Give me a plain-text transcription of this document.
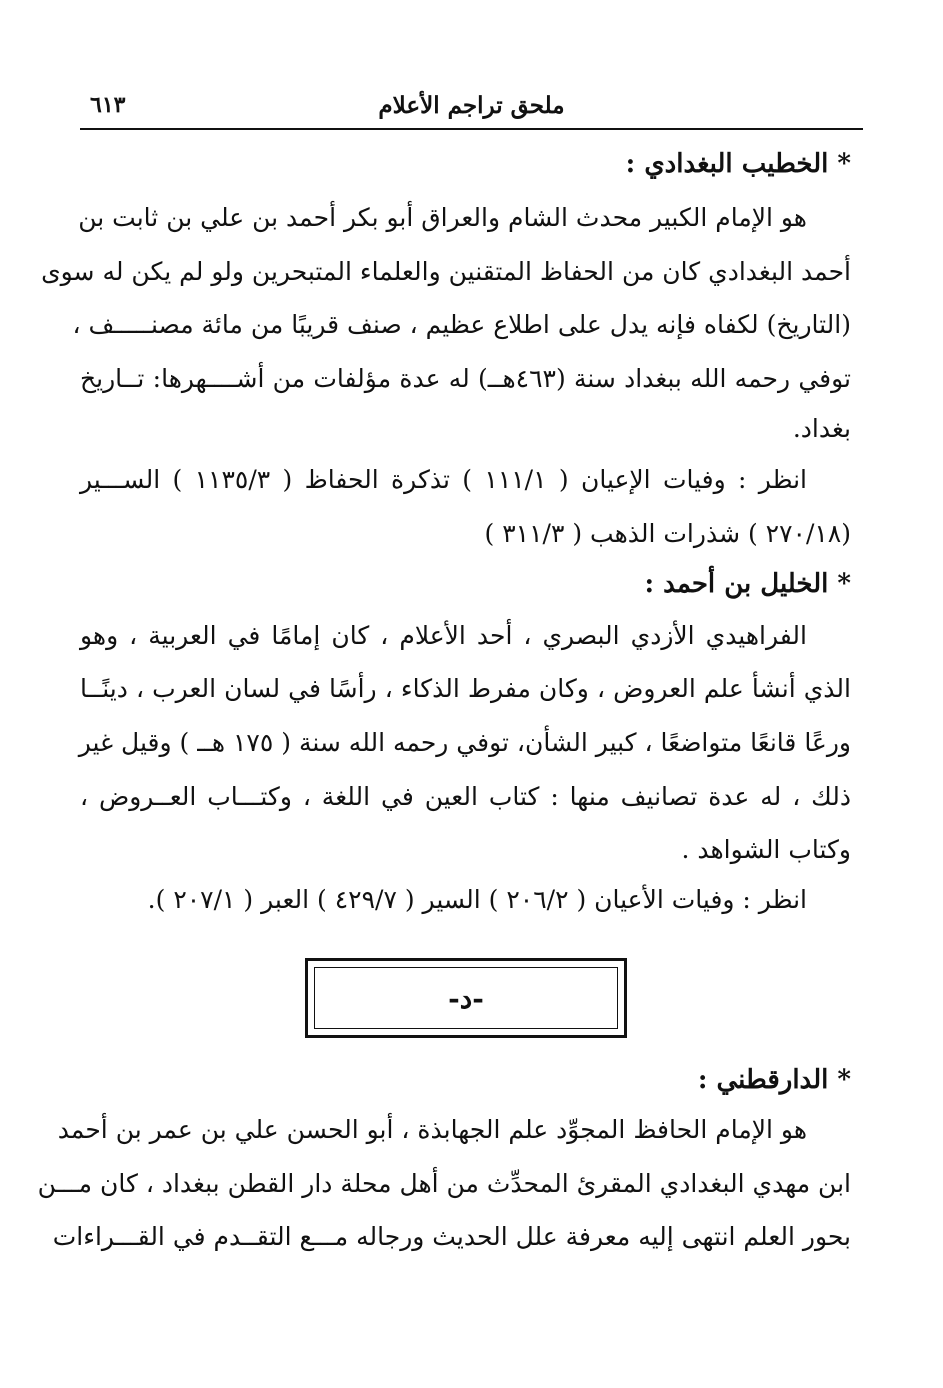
ملحق تراجم الأعلام
٦١٣
* الخطيب البغدادي :
هو الإمام الكبير محدث الشام والعراق أبو بكر أحمد بن علي بن ثابت بن
أحمد البغدادي كان من الحفاظ المتقنين والعلماء المتبحرين ولو لم يكن له سوى
(التاريخ) لكفاه فإنه يدل على اطلاع عظيم ، صنف قريبًا من مائة مصنـــــف ،
توفي رحمه الله ببغداد سنة (٤٦٣هــ) له عدة مؤلفات من أشــــهرها: تــاريخ
بغداد.
انظر : وفيات الإعيان ( ١١١/١ ) تذكرة الحفاظ ( ١١٣٥/٣ ) الســـير
(٢٧٠/١٨ ) شذرات الذهب ( ٣١١/٣ )
* الخليل بن أحمد :
الفراهيدي الأزدي البصري ، أحد الأعلام ، كان إمامًا في العربية ، وهو
الذي أنشأ علم العروض ، وكان مفرط الذكاء ، رأسًا في لسان العرب ، دينًــا
ورعًا قانعًا متواضعًا ، كبير الشأن، توفي رحمه الله سنة ( ١٧٥ هــ ) وقيل غير
ذلك ، له عدة تصانيف منها : كتاب العين في اللغة ، وكتـــاب العــروض ،
وكتاب الشواهد .
انظر : وفيات الأعيان ( ٢٠٦/٢ ) السير ( ٤٢٩/٧ ) العبر ( ٢٠٧/١ ).
-د-
* الدارقطني :
هو الإمام الحافظ المجوِّد علم الجهابذة ، أبو الحسن علي بن عمر بن أحمد
ابن مهدي البغدادي المقرئ المحدِّث من أهل محلة دار القطن ببغداد ، كان مـــن
بحور العلم انتهى إليه معرفة علل الحديث ورجاله مـــع التقــدم في القـــراءات
